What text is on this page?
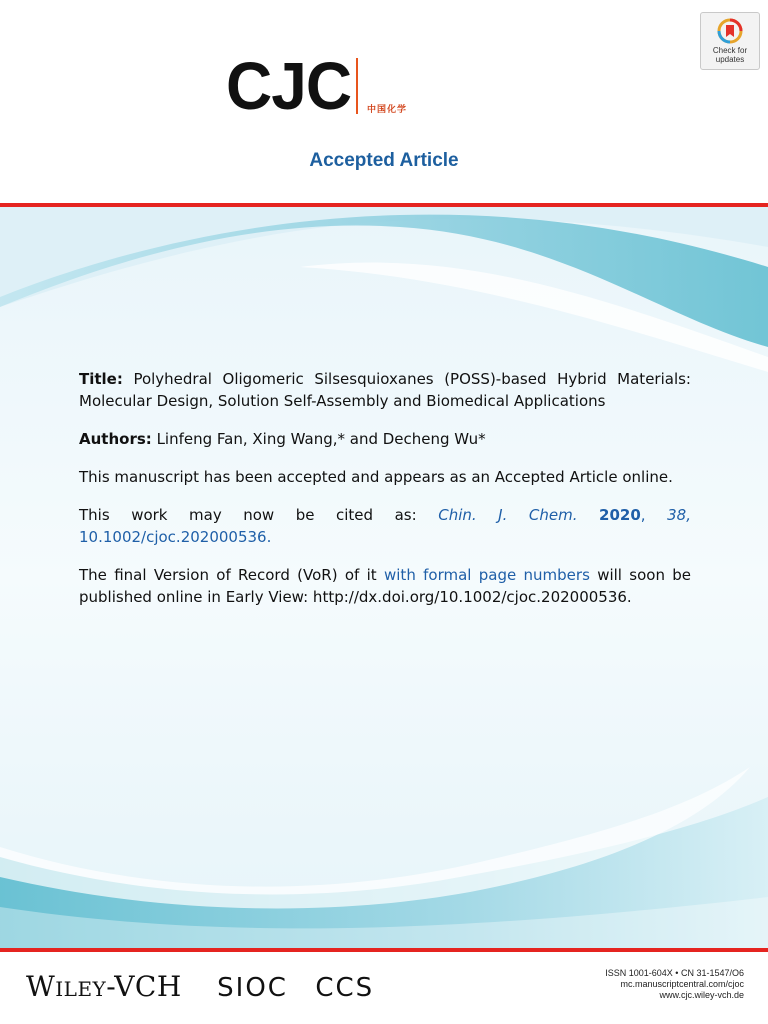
CJC 中国化学
Check for
updates
Accepted Article

Title: Polyhedral Oligomeric Silsesquioxanes (POSS)-based Hybrid Materials: Molecular Design, Solution Self-Assembly and Biomedical Applications

Authors: Linfeng Fan, Xing Wang,* and Decheng Wu*

This manuscript has been accepted and appears as an Accepted Article online.

This work may now be cited as: Chin. J. Chem. 2020, 38, 10.1002/cjoc.202000536.

The final Version of Record (VoR) of it with formal page numbers will soon be published online in Early View: http://dx.doi.org/10.1002/cjoc.202000536.

Wiley-VCH SIOC CCS	ISSN 1001-604X • CN 31-1547/O6
mc.manuscriptcentral.com/cjoc
www.cjc.wiley-vch.de
